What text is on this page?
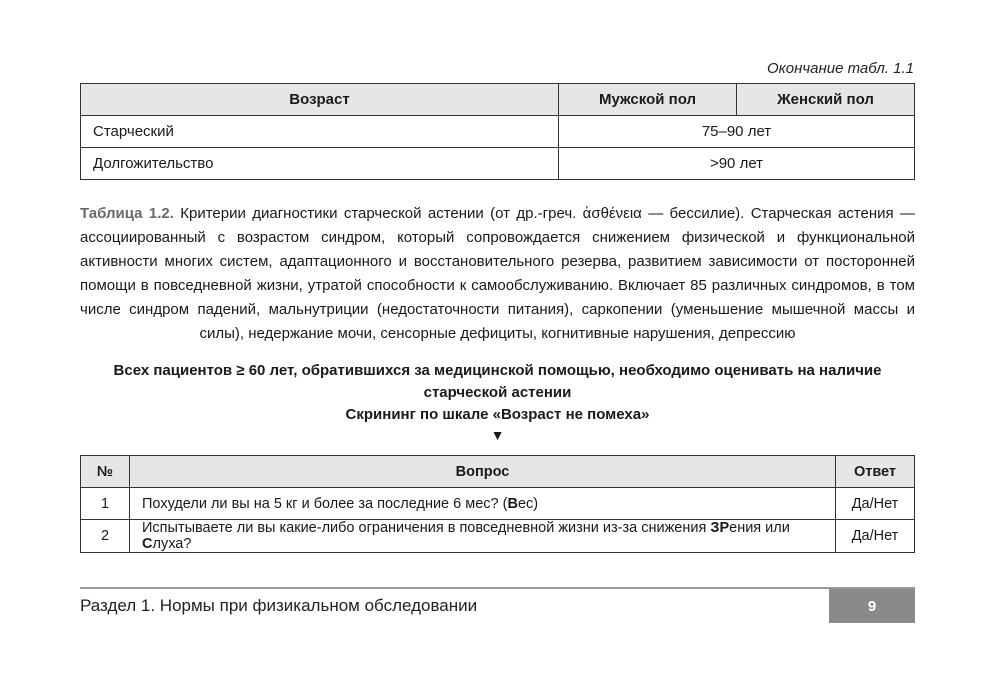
Окончание табл. 1.1
Возраст	Мужской пол	Женский пол
Старческий	75–90 лет	
Долгожительство	>90 лет	
Таблица 1.2. Критерии диагностики старческой астении (от др.-греч. ἀσθένεια — бессилие). Старческая астения — ассоциированный с возрастом синдром, который сопровождается снижением физической и функциональной активности многих систем, адаптационного и восстановительного резерва, развитием зависимости от посторонней помощи в повседневной жизни, утратой способности к самообслуживанию. Включает 85 различных синдромов, в том числе синдром падений, мальнутриции (недостаточности питания), саркопении (уменьшение мышечной массы и силы), недержание мочи, сенсорные дефициты, когнитивные нарушения, депрессию
Всех пациентов ≥ 60 лет, обратившихся за медицинской помощью, необходимо оценивать на наличие
старческой астении
Скрининг по шкале «Возраст не помеха»
▼
№	Вопрос	Ответ
1	Похудели ли вы на 5 кг и более за последние 6 мес? (Вес)	Да/Нет
2	Испытываете ли вы какие-либо ограничения в повседневной жизни из-за снижения ЗРения или Слуха?	Да/Нет
Раздел 1. Нормы при физикальном обследовании	9
